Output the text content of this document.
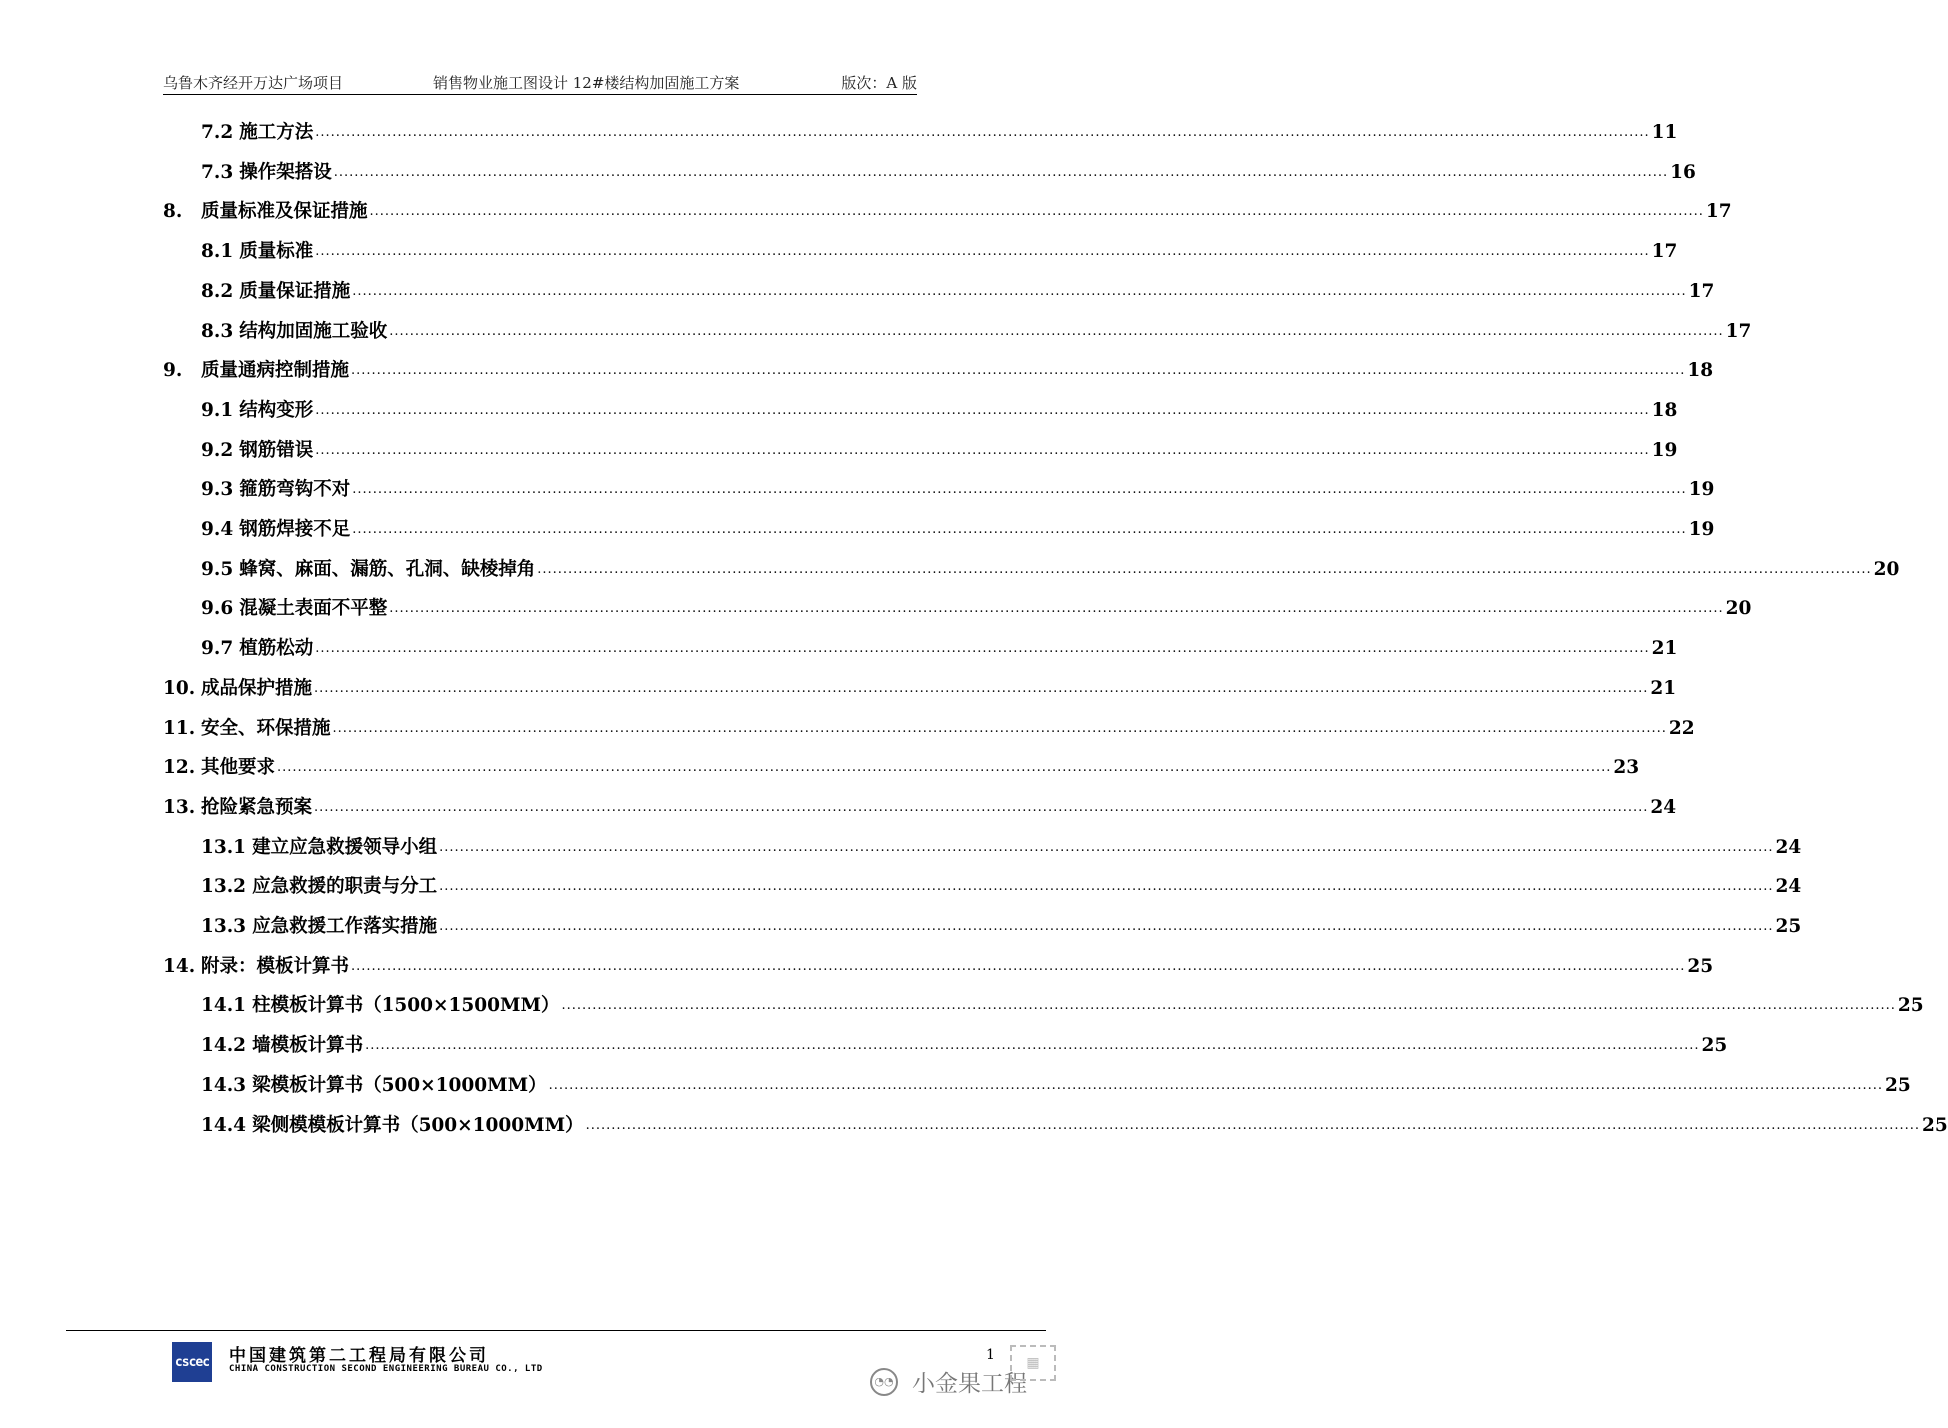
乌鲁木齐经开万达广场项目	销售物业施工图设计 12#楼结构加固施工方案	版次：A 版
7.2 施工方法 .................................................................................................................................................................................................................................................................... 11
7.3 操作架搭设 .................................................................................................................................................................................................................................................................... 16
8.	质量标准及保证措施 .................................................................................................................................................................................................................................................................... 17
8.1 质量标准 .................................................................................................................................................................................................................................................................... 17
8.2 质量保证措施 .................................................................................................................................................................................................................................................................... 17
8.3 结构加固施工验收 .................................................................................................................................................................................................................................................................... 17
9.	质量通病控制措施 .................................................................................................................................................................................................................................................................... 18
9.1 结构变形 .................................................................................................................................................................................................................................................................... 18
9.2 钢筋错误 .................................................................................................................................................................................................................................................................... 19
9.3 箍筋弯钩不对 .................................................................................................................................................................................................................................................................... 19
9.4 钢筋焊接不足 .................................................................................................................................................................................................................................................................... 19
9.5 蜂窝、麻面、漏筋、孔洞、缺棱掉角 .................................................................................................................................................................................................................................................................... 20
9.6 混凝土表面不平整 .................................................................................................................................................................................................................................................................... 20
9.7 植筋松动 .................................................................................................................................................................................................................................................................... 21
10. 成品保护措施 .................................................................................................................................................................................................................................................................... 21
11. 安全、环保措施 .................................................................................................................................................................................................................................................................... 22
12. 其他要求 .................................................................................................................................................................................................................................................................... 23
13. 抢险紧急预案 .................................................................................................................................................................................................................................................................... 24
13.1 建立应急救援领导小组 .................................................................................................................................................................................................................................................................... 24
13.2 应急救援的职责与分工 .................................................................................................................................................................................................................................................................... 24
13.3 应急救援工作落实措施 .................................................................................................................................................................................................................................................................... 25
14. 附录：模板计算书 .................................................................................................................................................................................................................................................................... 25
14.1 柱模板计算书（1500×1500MM） .................................................................................................................................................................................................................................................................... 25
14.2 墙模板计算书 .................................................................................................................................................................................................................................................................... 25
14.3 梁模板计算书（500×1000MM） .................................................................................................................................................................................................................................................................... 25
14.4 梁侧模模板计算书（500×1000MM） .................................................................................................................................................................................................................................................................... 25
cscec 中国建筑第二工程局有限公司
CHINA CONSTRUCTION SECOND ENGINEERING BUREAU CO., LTD
1
◔◔ 小金果工程
▦
